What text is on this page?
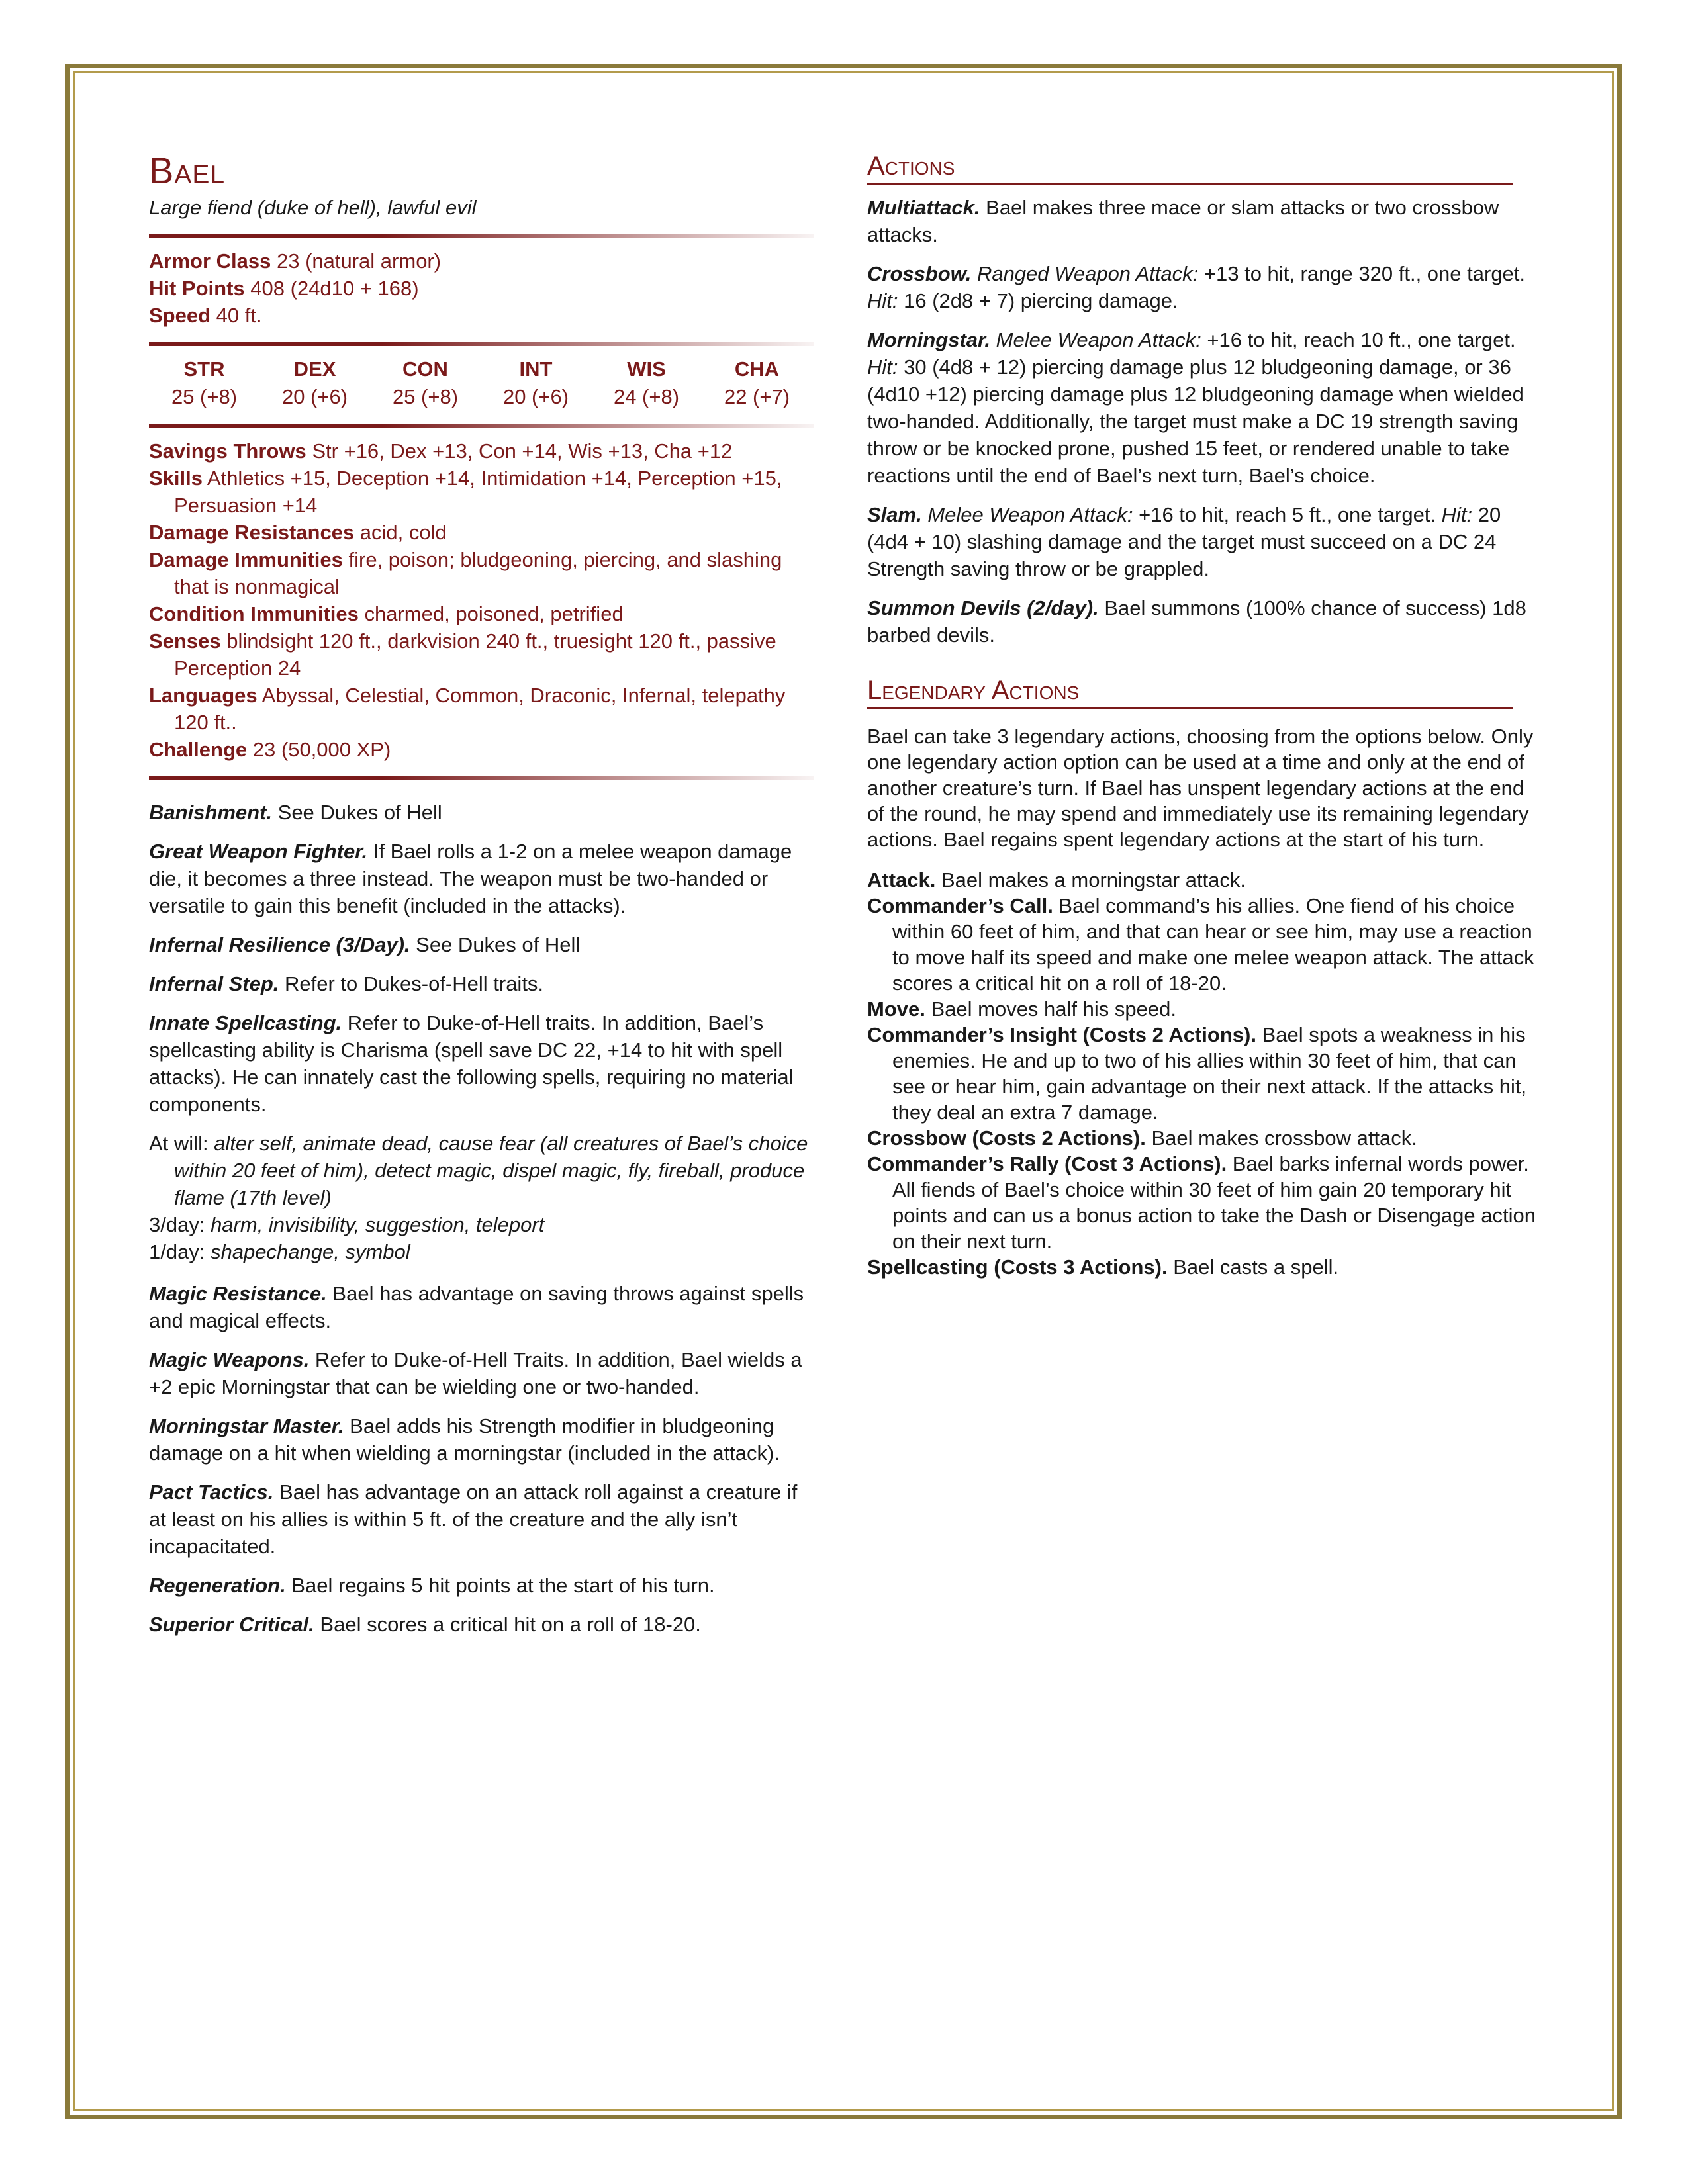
Bael
Large fiend (duke of hell), lawful evil
Armor Class 23 (natural armor)
Hit Points 408 (24d10 + 168)
Speed 40 ft.
STR
25 (+8)
DEX
20 (+6)
CON
25 (+8)
INT
20 (+6)
WIS
24 (+8)
CHA
22 (+7)
Savings Throws Str +16, Dex +13, Con +14, Wis +13, Cha +12
Skills Athletics +15, Deception +14, Intimidation +14, Perception +15, Persuasion +14
Damage Resistances acid, cold
Damage Immunities fire, poison; bludgeoning, piercing, and slashing that is nonmagical
Condition Immunities charmed, poisoned, petrified
Senses blindsight 120 ft., darkvision 240 ft., truesight 120 ft., passive Perception 24
Languages Abyssal, Celestial, Common, Draconic, Infernal, telepathy 120 ft..
Challenge 23 (50,000 XP)
Banishment. See Dukes of Hell
Great Weapon Fighter. If Bael rolls a 1-2 on a melee weapon damage die, it becomes a three instead. The weapon must be two-handed or versatile to gain this benefit (included in the attacks).
Infernal Resilience (3/Day). See Dukes of Hell
Infernal Step. Refer to Dukes-of-Hell traits.
Innate Spellcasting. Refer to Duke-of-Hell traits. In addition, Bael’s spellcasting ability is Charisma (spell save DC 22, +14 to hit with spell attacks). He can innately cast the following spells, requiring no material components.
At will: alter self, animate dead, cause fear (all creatures of Bael’s choice within 20 feet of him), detect magic, dispel magic, fly, fireball, produce flame (17th level)
3/day: harm, invisibility, suggestion, teleport
1/day: shapechange, symbol
Magic Resistance. Bael has advantage on saving throws against spells and magical effects.
Magic Weapons. Refer to Duke-of-Hell Traits. In addition, Bael wields a +2 epic Morningstar that can be wielding one or two-handed.
Morningstar Master. Bael adds his Strength modifier in bludgeoning damage on a hit when wielding a morningstar (included in the attack).
Pact Tactics. Bael has advantage on an attack roll against a creature if at least on his allies is within 5 ft. of the creature and the ally isn’t incapacitated.
Regeneration. Bael regains 5 hit points at the start of his turn.
Superior Critical. Bael scores a critical hit on a roll of 18-20.
Actions
Multiattack. Bael makes three mace or slam attacks or two crossbow attacks.
Crossbow. Ranged Weapon Attack: +13 to hit, range 320 ft., one target. Hit: 16 (2d8 + 7) piercing damage.
Morningstar. Melee Weapon Attack: +16 to hit, reach 10 ft., one target. Hit: 30 (4d8 + 12) piercing damage plus 12 bludgeoning damage, or 36 (4d10 +12) piercing damage plus 12 bludgeoning damage when wielded two-handed. Additionally, the target must make a DC 19 strength saving throw or be knocked prone, pushed 15 feet, or rendered unable to take reactions until the end of Bael’s next turn, Bael’s choice.
Slam. Melee Weapon Attack: +16 to hit, reach 5 ft., one target. Hit: 20 (4d4 + 10) slashing damage and the target must succeed on a DC 24 Strength saving throw or be grappled.
Summon Devils (2/day). Bael summons (100% chance of success) 1d8 barbed devils.
Legendary Actions
Bael can take 3 legendary actions, choosing from the options below. Only one legendary action option can be used at a time and only at the end of another creature’s turn. If Bael has unspent legendary actions at the end of the round, he may spend and immediately use its remaining legendary actions. Bael regains spent legendary actions at the start of his turn.
Attack. Bael makes a morningstar attack.
Commander’s Call. Bael command’s his allies. One fiend of his choice within 60 feet of him, and that can hear or see him, may use a reaction to move half its speed and make one melee weapon attack. The attack scores a critical hit on a roll of 18-20.
Move. Bael moves half his speed.
Commander’s Insight (Costs 2 Actions). Bael spots a weakness in his enemies. He and up to two of his allies within 30 feet of him, that can see or hear him, gain advantage on their next attack. If the attacks hit, they deal an extra 7 damage.
Crossbow (Costs 2 Actions). Bael makes crossbow attack.
Commander’s Rally (Cost 3 Actions). Bael barks infernal words power. All fiends of Bael’s choice within 30 feet of him gain 20 temporary hit points and can us a bonus action to take the Dash or Disengage action on their next turn.
Spellcasting (Costs 3 Actions). Bael casts a spell.
